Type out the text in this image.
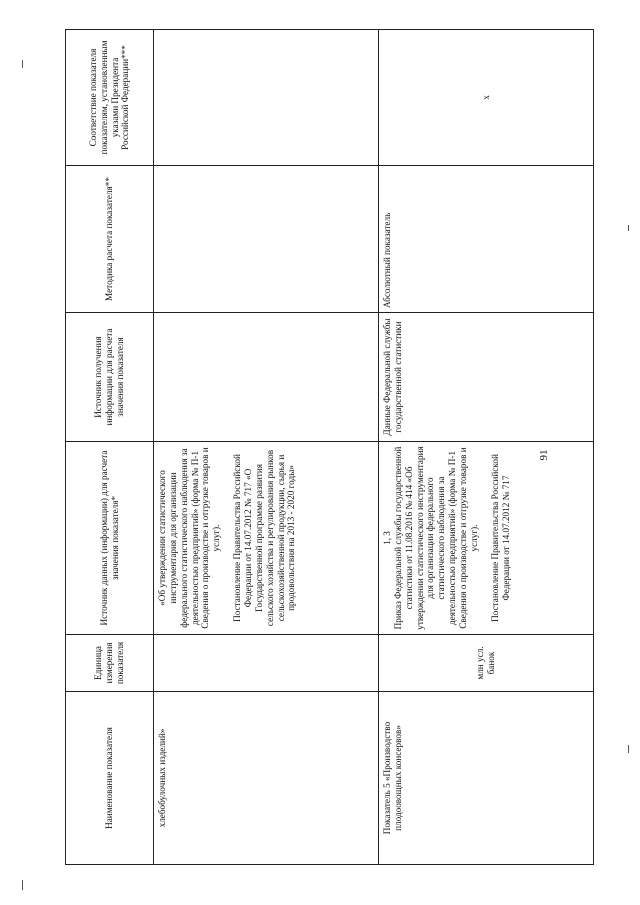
91
Наименование показателя	Единица измерения показателя	Источник данных (информации) для расчета значения показателя*	Источник получения информации для расчета значения показателя	Методика расчета показателя**	Соответствие показателя показателям, установленным указами Президента Российской Федерации***
хлебобулочных изделий»		«Об утверждении статистического инструментария для организации федерального статистического наблюдения за деятельностью предприятий» (форма № П-1 Сведения о производстве и отгрузке товаров и услуг). Постановление Правительства Российской Федерации от 14.07.2012 № 717 «О Государственной программе развития сельского хозяйства и регулирования рынков сельскохозяйственной продукции, сырья и продовольствия на 2013 - 2020 годы»			

Показатель 5 «Производство плодоовощных консервов»	млн усл. банок	1, 3 Приказ Федеральной службы государственной статистики от 11.08.2016 № 414 «Об утверждении статистического инструментария для организации федерального статистического наблюдения за деятельностью предприятий» (форма № П-1 Сведения о производстве и отгрузке товаров и услуг). Постановление Правительства Российской Федерации от 14.07.2012 № 717	Данные Федеральной службы государственной статистики	Абсолютный показатель	x
